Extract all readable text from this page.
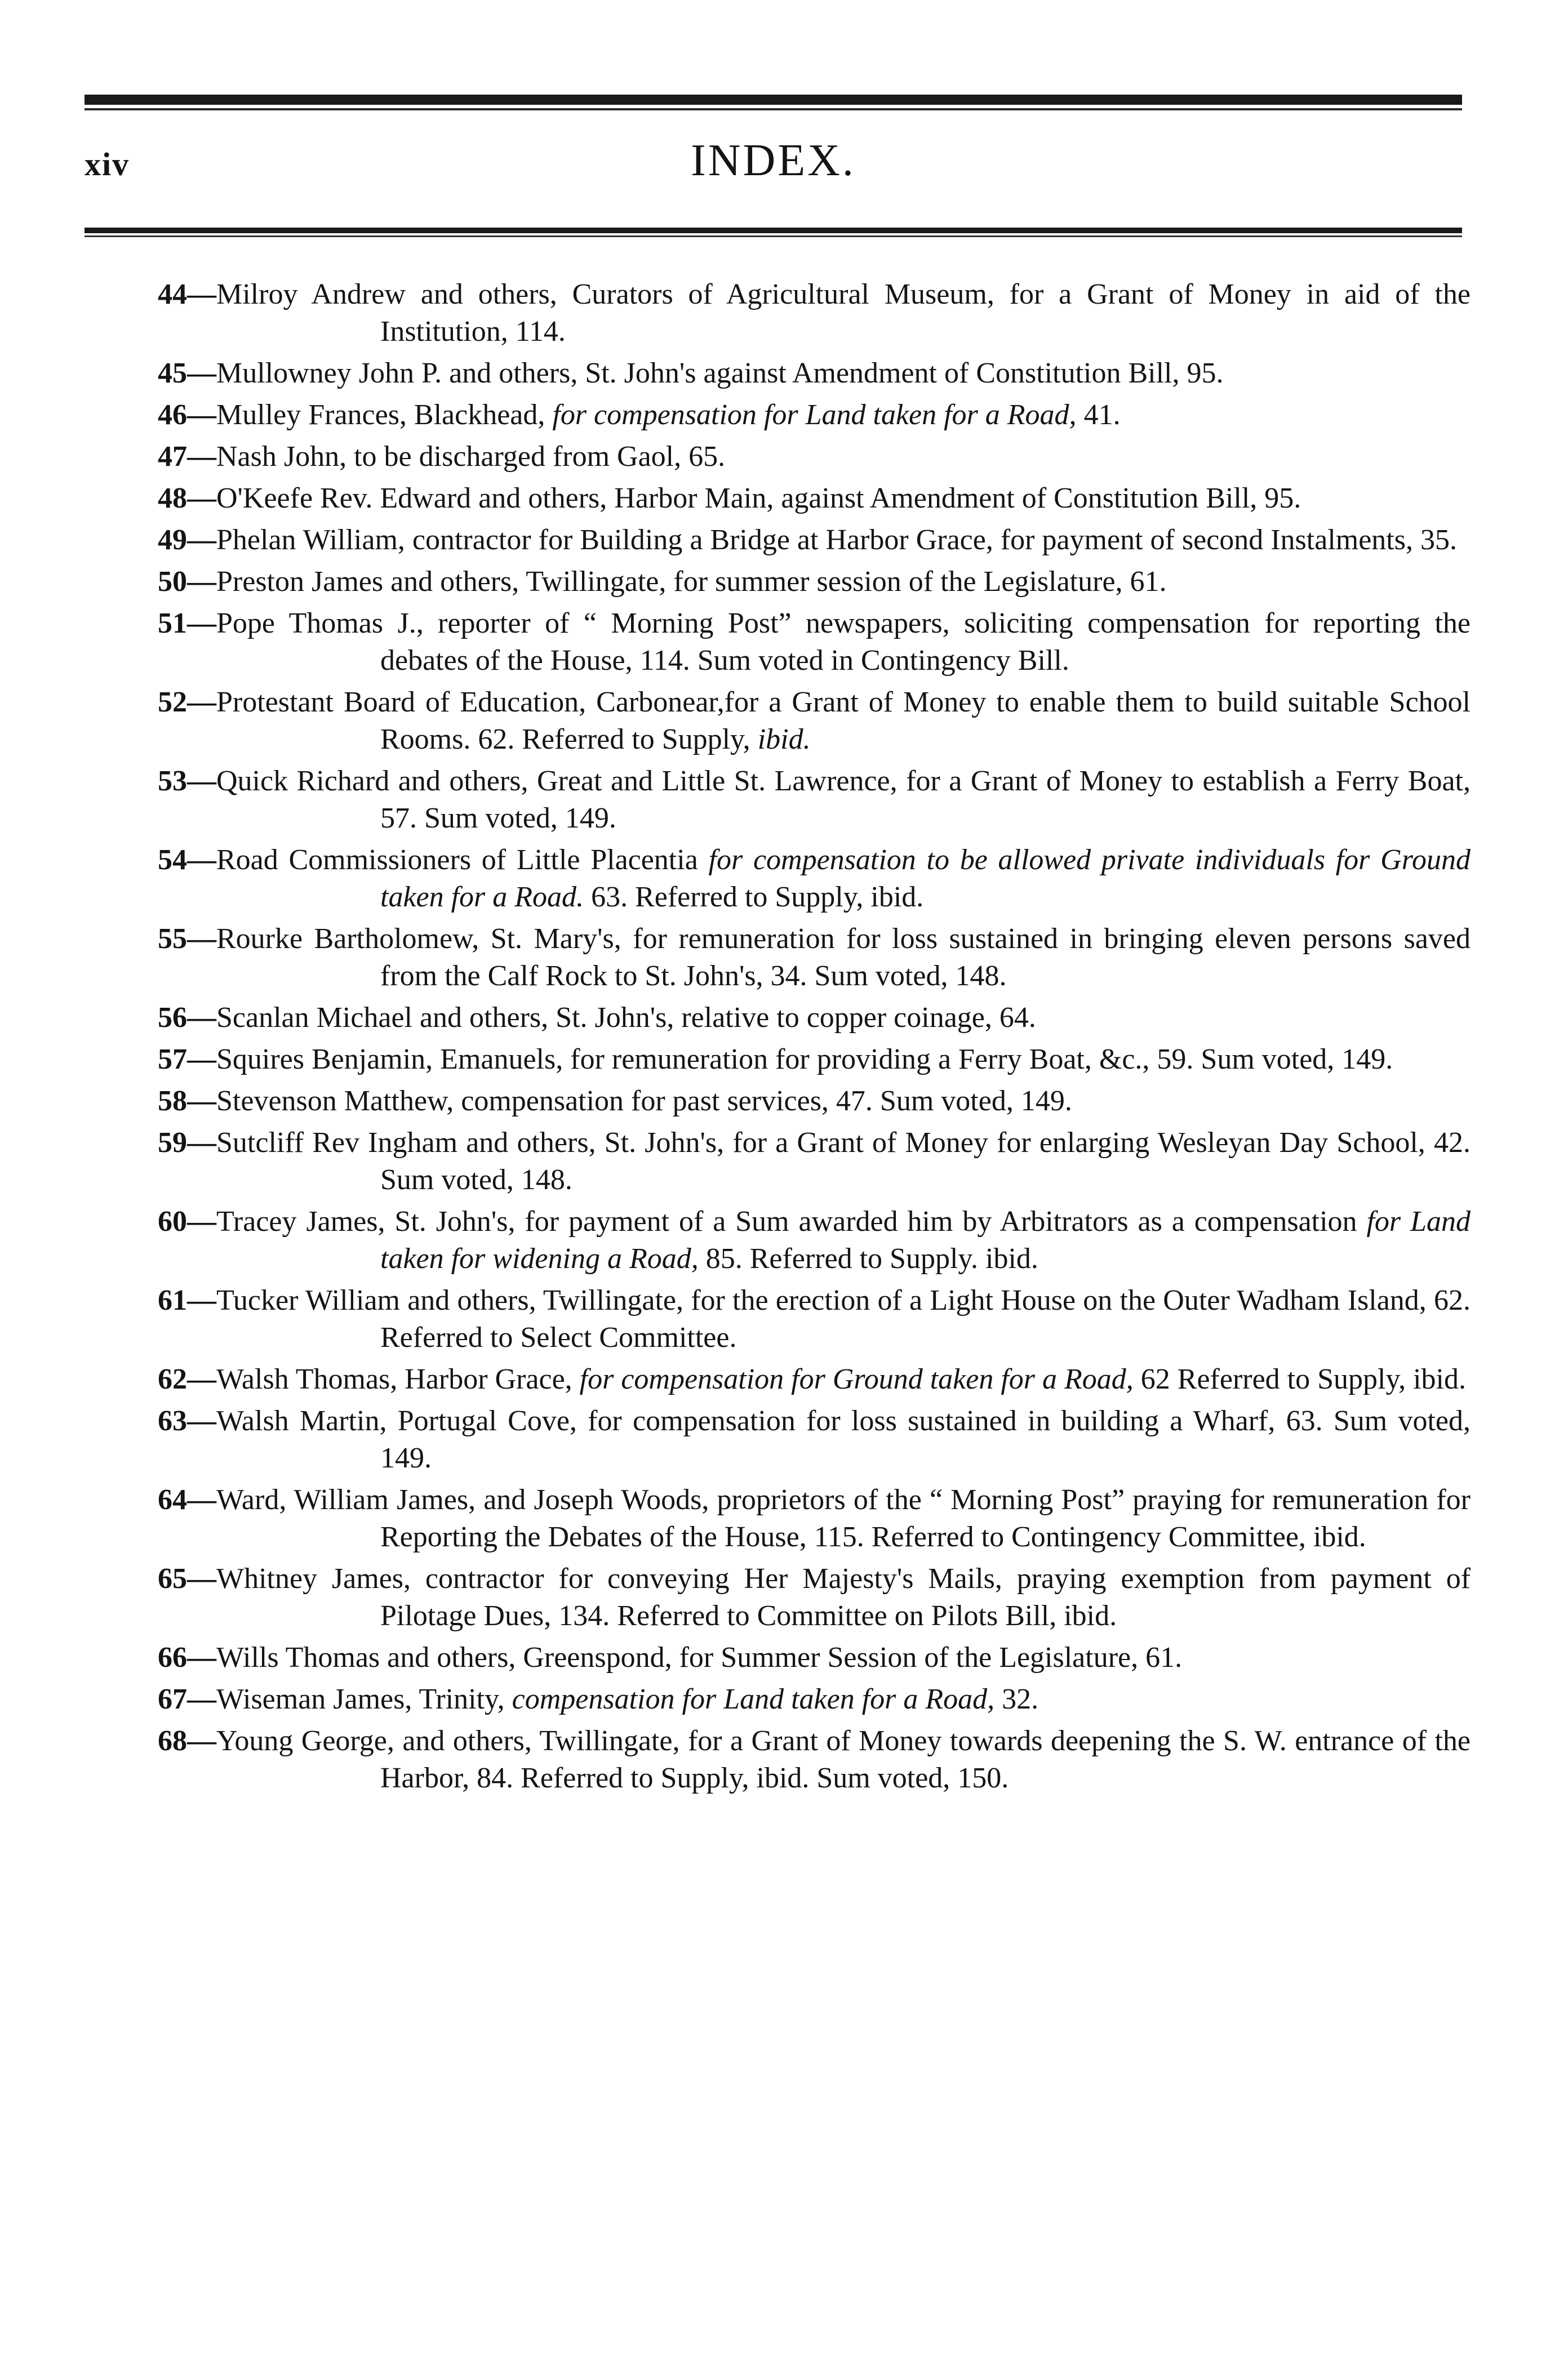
xiv	INDEX.
44—Milroy Andrew and others, Curators of Agricultural Museum, for a Grant of Money in aid of the Institution, 114.
45—Mullowney John P. and others, St. John's against Amendment of Constitution Bill, 95.
46—Mulley Frances, Blackhead, for compensation for Land taken for a Road, 41.
47—Nash John, to be discharged from Gaol, 65.
48—O'Keefe Rev. Edward and others, Harbor Main, against Amendment of Constitution Bill, 95.
49—Phelan William, contractor for Building a Bridge at Harbor Grace, for payment of second Instalments, 35.
50—Preston James and others, Twillingate, for summer session of the Legislature, 61.
51—Pope Thomas J., reporter of “ Morning Post” newspapers, soliciting compensation for reporting the debates of the House, 114. Sum voted in Contingency Bill.
52—Protestant Board of Education, Carbonear,for a Grant of Money to enable them to build suitable School Rooms. 62. Referred to Supply, ibid.
53—Quick Richard and others, Great and Little St. Lawrence, for a Grant of Money to establish a Ferry Boat, 57. Sum voted, 149.
54—Road Commissioners of Little Placentia for compensation to be allowed private individuals for Ground taken for a Road. 63. Referred to Supply, ibid.
55—Rourke Bartholomew, St. Mary's, for remuneration for loss sustained in bringing eleven persons saved from the Calf Rock to St. John's, 34. Sum voted, 148.
56—Scanlan Michael and others, St. John's, relative to copper coinage, 64.
57—Squires Benjamin, Emanuels, for remuneration for providing a Ferry Boat, &c., 59. Sum voted, 149.
58—Stevenson Matthew, compensation for past services, 47. Sum voted, 149.
59—Sutcliff Rev Ingham and others, St. John's, for a Grant of Money for enlarging Wesleyan Day School, 42. Sum voted, 148.
60—Tracey James, St. John's, for payment of a Sum awarded him by Arbitrators as a compensation for Land taken for widening a Road, 85. Referred to Supply. ibid.
61—Tucker William and others, Twillingate, for the erection of a Light House on the Outer Wadham Island, 62. Referred to Select Committee.
62—Walsh Thomas, Harbor Grace, for compensation for Ground taken for a Road, 62 Referred to Supply, ibid.
63—Walsh Martin, Portugal Cove, for compensation for loss sustained in building a Wharf, 63. Sum voted, 149.
64—Ward, William James, and Joseph Woods, proprietors of the “ Morning Post” praying for remuneration for Reporting the Debates of the House, 115. Referred to Contingency Committee, ibid.
65—Whitney James, contractor for conveying Her Majesty's Mails, praying exemption from payment of Pilotage Dues, 134. Referred to Committee on Pilots Bill, ibid.
66—Wills Thomas and others, Greenspond, for Summer Session of the Legislature, 61.
67—Wiseman James, Trinity, compensation for Land taken for a Road, 32.
68—Young George, and others, Twillingate, for a Grant of Money towards deepening the S. W. entrance of the Harbor, 84. Referred to Supply, ibid. Sum voted, 150.
